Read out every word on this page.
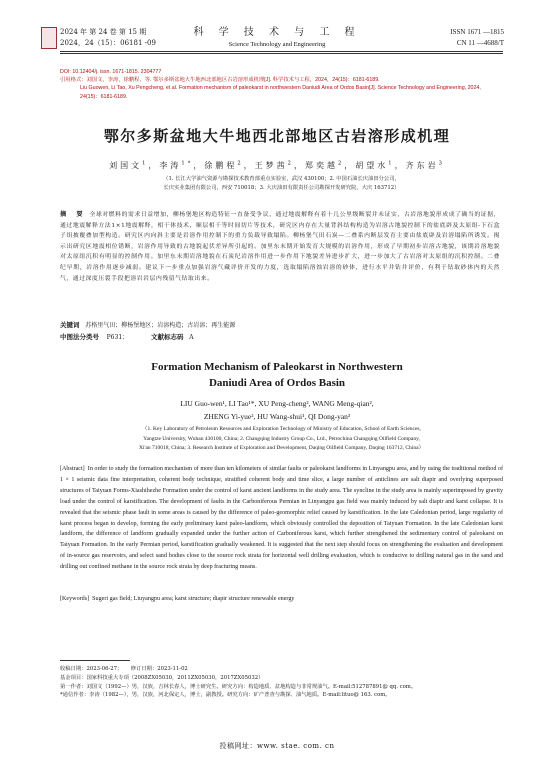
2024 年 第 24 卷 第 15 期
2024，24（15）：06181 -09
科 学 技 术 与 工 程
Science Technology and Engineering
ISSN 1671 —1815
CN 11 —4688/T
DOI: 10.12404/j. issn. 1671-1815. 2304777
引用格式：刘国文，李涛，徐鹏程，等. 鄂尔多斯盆地大牛地西北部地区古岩溶形成机理[J]. 科学技术与工程，2024，24(15)：6181-6189.
Liu Guowen, Li Tao, Xu Pengcheng, et al. Formation mechanism of paleokarst in northwestern Daniudi Area of Ordos Basin[J]. Science Technology and Engineering, 2024, 24(15)：6181-6189.
鄂尔多斯盆地大牛地西北部地区古岩溶形成机理
刘国文$^1$，李涛$^{1*}$，徐鹏程$^2$，王梦茜$^2$，郑奕越$^2$，胡望水$^1$，齐东岩$^3$
（1. 长江大学油气资源与勘探技术教育部重点实验室，武汉 430100；2. 中国石油长庆油田分公司，
长庆实业集团有限公司，西安 710018；3. 大庆油田有限责任公司勘探开发研究院，大庆 163712）
摘　要 全球对燃料的需求日益增加，柳杨堡地区构造特征一直备受争议，通过地震解释有着十几公里级断裂并未证实，古岩溶地貌形成成了确当的证据，通过地震解释方法1×1地震解释，相干体技术，顺层相干等时间切片等技术，研究区内存在大量背斜结构构造为岩溶古地貌控制下的盐底辟及太原组-下石盒子组披覆叠加型构造。研究区内向斜主要是岩溶作用控制下的重力负载导致塌陷。柳杨堡气田石炭—二叠系内断层发育主要由盐底辟及岩溶塌陷所诱发。揭示出研究区地震相位错断，岩溶作用导致的古地貌起伏差异所引起的。加里东末期开始发育大规模的岩溶作用，形成了早期初步岩溶古地貌，该期岩溶地貌对太原组沉积有明显的控制作用。加里东末期岩溶地貌在石炭纪岩溶作用进一步作用下地貌差异进步扩大，进一步加大了古岩溶对太原组的沉积控制。二叠纪早期，岩溶作用逐步减弱。建议下一步重点加强岩溶气藏评价开发的力度，选取塌陷溶蚀岩溶的砂体，进行水平井钻井评价，有利于钻取砂体内的天然气，通过深度压裂手段把溶岩岩层内残留气钻取出来。
关键词 苏格里气田；柳杨堡地区；岩溶构造；古岩溶；再生能源
中图法分类号 P631；	文献标志码 A
Formation Mechanism of Paleokarst in Northwestern
Daniudi Area of Ordos Basin
LIU Guo-wen¹, LI Tao¹*, XU Peng-cheng², WANG Meng-qian²,
ZHENG Yi-yue², HU Wang-shui¹, QI Dong-yan³
（1. Key Laboratory of Petroleum Resources and Exploration Technology of Ministry of Education, School of Earth Sciences,
Yangtze University, Wuhan 430100, China; 2. Changqing Industry Group Co., Ltd., Petrochina Changqing Oilfield Company,
Xi'an 710018, China; 3. Research Institute of Exploration and Development, Daqing Oilfield Company, Daqing 163712, China）
[Abstract] In order to study the formation mechanism of more than ten kilometers of similar faults or paleokarst landforms in Linyangpu area, and by using the traditional method of 1 × 1 seismic data fine interpretation, coherent body technique, stratified coherent body and time slice, a large number of anticlines are salt diapir and overlying superposed structures of Taiyuan Forms-Xiashihezhe Formation under the control of karst ancient landforms in the study area. The syncline in the study area is mainly superimposed by gravity load under the control of karstification. The development of faults in the Carboniferous Permian in Linyangpu gas field was mainly induced by salt diapir and karst collapse. It is revealed that the seismic phase fault in some areas is caused by the difference of paleo-geomorphic relief caused by karstification. In the late Caledonian period, large regularity of karst process began to develop, forming the early preliminary karst paleo-landform, which obviously controlled the deposition of Taiyuan Formation. In the late Caledonian karst landform, the difference of landform gradually expanded under the further action of Carboniferous karst, which further strengthened the sedimentary control of paleokarst on Taiyuan Formation. In the early Permian period, karstification gradually weakened. It is suggested that the next step should focus on strengthening the evaluation and development of in-source gas reservoirs, and select sand bodies close to the source rock strata for horizontal well drilling evaluation, which is conducive to drilling natural gas in the sand and drilling out confined methane in the source rock strata by deep fracturing means.
[Keywords] Sugeri gas field; Liuyangpu area; karst structure; diapir structure renewable energy

收稿日期：2023-06-27； 修订日期：2023-11-02

基金项目：国家科技重大专项（2008ZX05030，2011ZX05030，2017ZX05032）

第一作者：刘国文（1992—）男，汉族，吉林长春人，博士研究生。研究方向：构造地质、盆地构造与非常规油气。E-mail:512787891@ qq. com。

*通信作者：李涛（1982—），男，汉族，河北保定人，博士，副教授。研究方向：矿产普查与勘探、油气地质。E-mail:lituo@ 163. com。

投稿网址：www. stae. com. cn
